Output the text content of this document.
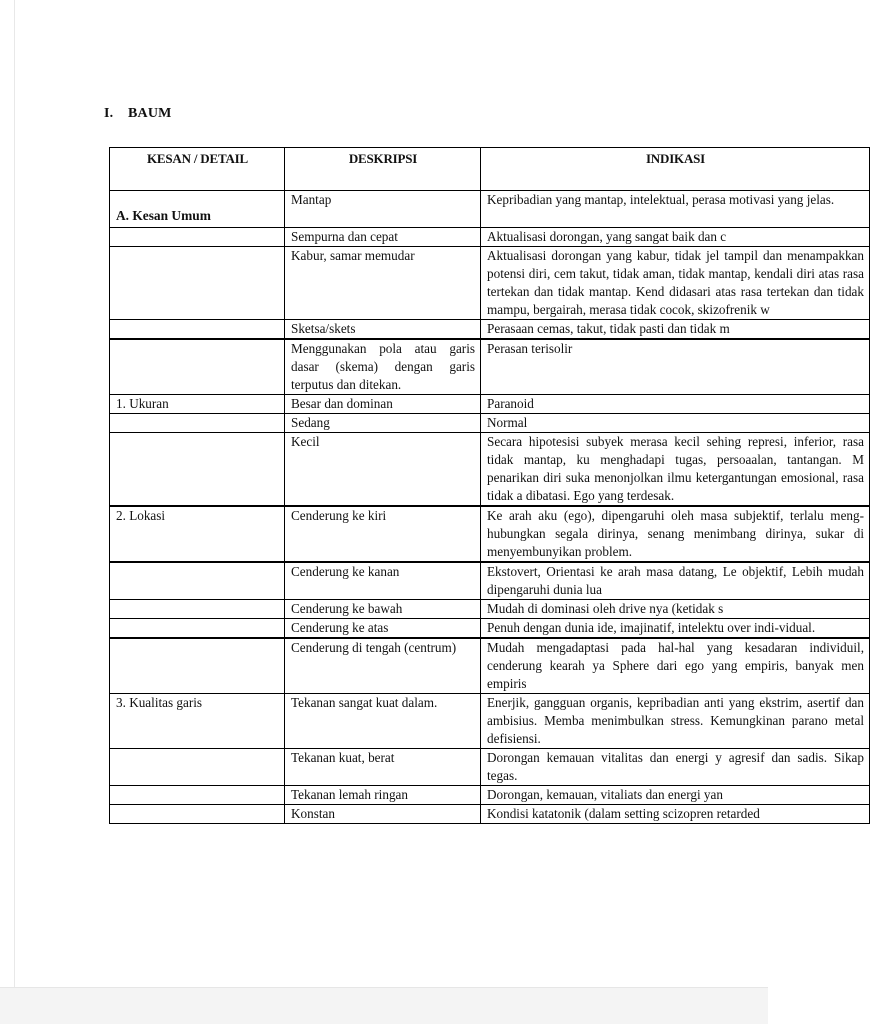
I. BAUM
KESAN / DETAIL	DESKRIPSI	INDIKASI
A. Kesan Umum	Mantap	Kepribadian yang mantap, intelektual, perasa motivasi yang jelas.
	Sempurna dan cepat	Aktualisasi dorongan, yang sangat baik dan c
	Kabur, samar memudar	Aktualisasi dorongan yang kabur, tidak jel tampil dan menampakkan potensi diri, cem takut, tidak aman, tidak mantap, kendali diri atas rasa tertekan dan tidak mantap. Kend didasari atas rasa tertekan dan tidak mampu, bergairah, merasa tidak cocok, skizofrenik w
	Sketsa/skets	Perasaan cemas, takut, tidak pasti dan tidak m
	Menggunakan pola atau garis dasar (skema) dengan garis terputus dan ditekan.	Perasan terisolir
1. Ukuran	Besar dan dominan	Paranoid
	Sedang	Normal
	Kecil	Secara hipotesisi subyek merasa kecil sehing represi, inferior, rasa tidak mantap, ku menghadapi tugas, persoaalan, tantangan. M penarikan diri suka menonjolkan ilmu ketergantungan emosional, rasa tidak a dibatasi. Ego yang terdesak.
2. Lokasi	Cenderung ke kiri	Ke arah aku (ego), dipengaruhi oleh masa subjektif, terlalu meng-hubungkan segala dirinya, senang menimbang dirinya, sukar di menyembunyikan problem.
	Cenderung ke kanan	Ekstovert, Orientasi ke arah masa datang, Le objektif, Lebih mudah dipengaruhi dunia lua
	Cenderung ke bawah	Mudah di dominasi oleh drive nya (ketidak s
	Cenderung ke atas	Penuh dengan dunia ide, imajinatif, intelektu over indi-vidual.
	Cenderung di tengah (centrum)	Mudah mengadaptasi pada hal-hal yang kesadaran individuil, cenderung kearah ya Sphere dari ego yang empiris, banyak men empiris
3. Kualitas garis	Tekanan sangat kuat dalam.	Enerjik, gangguan organis, kepribadian anti yang ekstrim, asertif dan ambisius. Memba menimbulkan stress. Kemungkinan parano metal defisiensi.
	Tekanan kuat, berat	Dorongan kemauan vitalitas dan energi y agresif dan sadis. Sikap tegas.
	Tekanan lemah ringan	Dorongan, kemauan, vitaliats dan energi yan
	Konstan	Kondisi katatonik (dalam setting scizopren retarded
